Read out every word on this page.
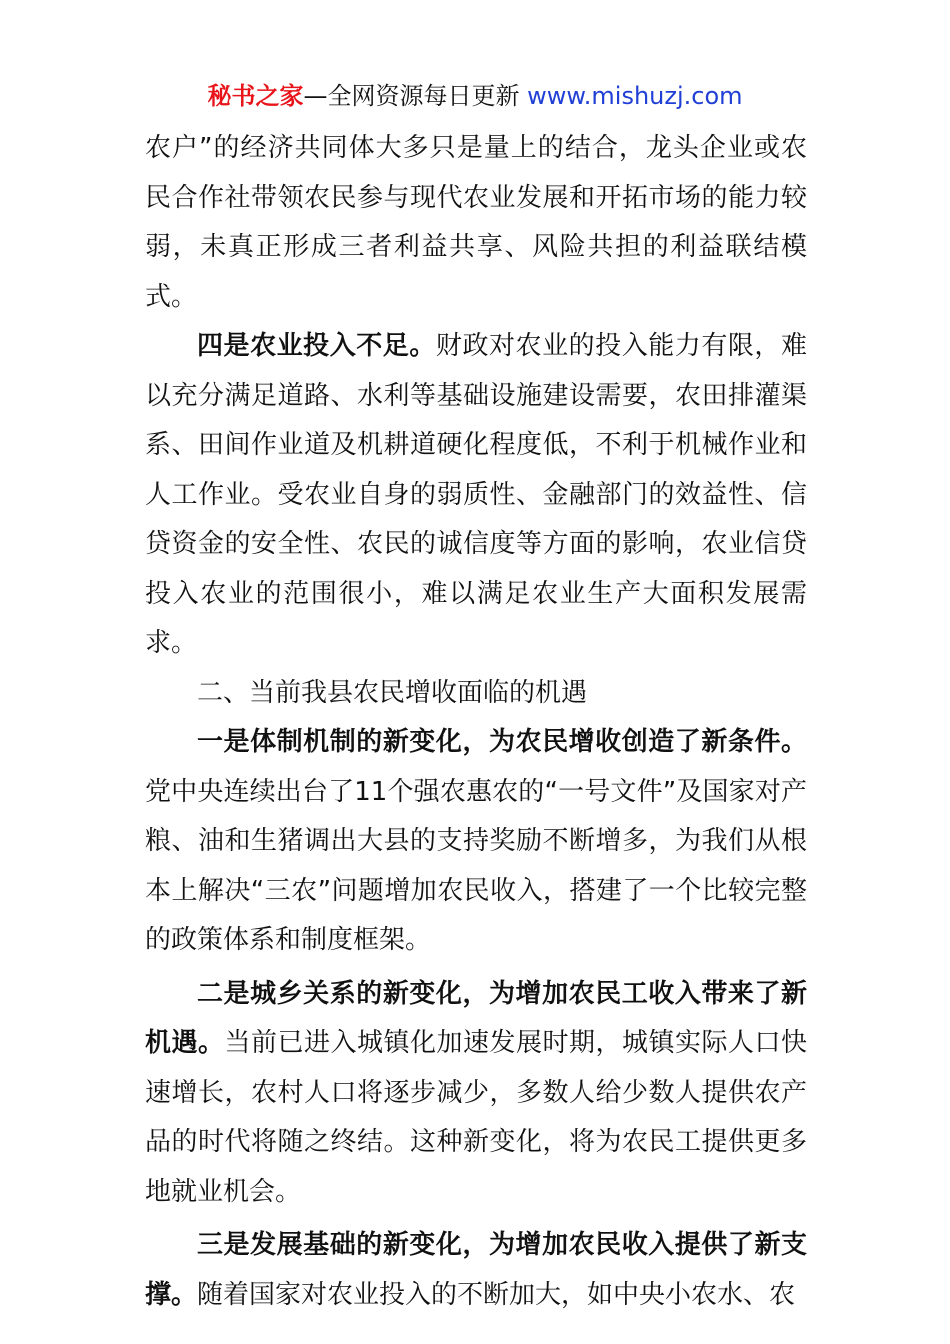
秘书之家—全网资源每日更新 www.mishuzj.com

农户”的经济共同体大多只是量上的结合，龙头企业或农民合作社带领农民参与现代农业发展和开拓市场的能力较弱，未真正形成三者利益共享、风险共担的利益联结模式。

四是农业投入不足。财政对农业的投入能力有限，难以充分满足道路、水利等基础设施建设需要，农田排灌渠系、田间作业道及机耕道硬化程度低，不利于机械作业和人工作业。受农业自身的弱质性、金融部门的效益性、信贷资金的安全性、农民的诚信度等方面的影响，农业信贷投入农业的范围很小，难以满足农业生产大面积发展需求。

二、当前我县农民增收面临的机遇

一是体制机制的新变化，为农民增收创造了新条件。党中央连续出台了11个强农惠农的“一号文件”及国家对产粮、油和生猪调出大县的支持奖励不断增多，为我们从根本上解决“三农”问题增加农民收入，搭建了一个比较完整的政策体系和制度框架。

二是城乡关系的新变化，为增加农民工收入带来了新机遇。当前已进入城镇化加速发展时期，城镇实际人口快速增长，农村人口将逐步减少，多数人给少数人提供农产品的时代将随之终结。这种新变化，将为农民工提供更多地就业机会。

三是发展基础的新变化，为增加农民收入提供了新支撑。随着国家对农业投入的不断加大，如中央小农水、农
